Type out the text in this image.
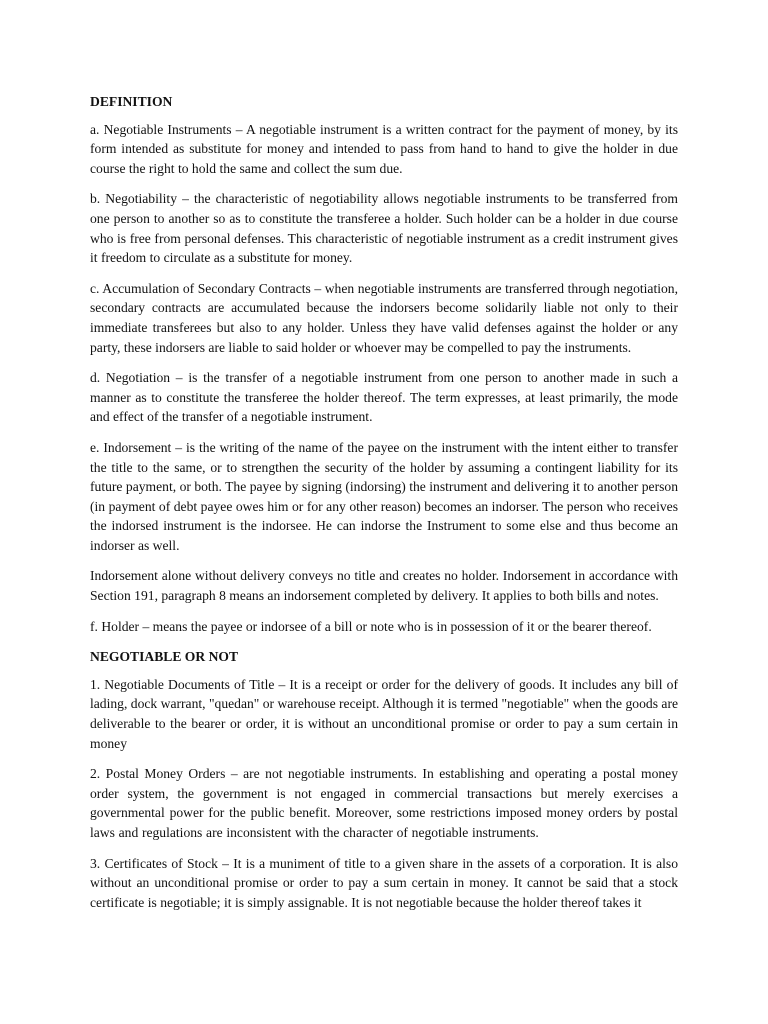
DEFINITION

a. Negotiable Instruments – A negotiable instrument is a written contract for the payment of money, by its form intended as substitute for money and intended to pass from hand to hand to give the holder in due course the right to hold the same and collect the sum due.

b. Negotiability – the characteristic of negotiability allows negotiable instruments to be transferred from one person to another so as to constitute the transferee a holder. Such holder can be a holder in due course who is free from personal defenses. This characteristic of negotiable instrument as a credit instrument gives it freedom to circulate as a substitute for money.

c. Accumulation of Secondary Contracts – when negotiable instruments are transferred through negotiation, secondary contracts are accumulated because the indorsers become solidarily liable not only to their immediate transferees but also to any holder. Unless they have valid defenses against the holder or any party, these indorsers are liable to said holder or whoever may be compelled to pay the instruments.

d. Negotiation – is the transfer of a negotiable instrument from one person to another made in such a manner as to constitute the transferee the holder thereof. The term expresses, at least primarily, the mode and effect of the transfer of a negotiable instrument.

e. Indorsement – is the writing of the name of the payee on the instrument with the intent either to transfer the title to the same, or to strengthen the security of the holder by assuming a contingent liability for its future payment, or both. The payee by signing (indorsing) the instrument and delivering it to another person (in payment of debt payee owes him or for any other reason) becomes an indorser. The person who receives the indorsed instrument is the indorsee. He can indorse the Instrument to some else and thus become an indorser as well.

Indorsement alone without delivery conveys no title and creates no holder. Indorsement in accordance with Section 191, paragraph 8 means an indorsement completed by delivery. It applies to both bills and notes.

f. Holder – means the payee or indorsee of a bill or note who is in possession of it or the bearer thereof.

NEGOTIABLE OR NOT

1. Negotiable Documents of Title – It is a receipt or order for the delivery of goods. It includes any bill of lading, dock warrant, "quedan" or warehouse receipt. Although it is termed "negotiable" when the goods are deliverable to the bearer or order, it is without an unconditional promise or order to pay a sum certain in money

2. Postal Money Orders – are not negotiable instruments. In establishing and operating a postal money order system, the government is not engaged in commercial transactions but merely exercises a governmental power for the public benefit. Moreover, some restrictions imposed money orders by postal laws and regulations are inconsistent with the character of negotiable instruments.

3. Certificates of Stock – It is a muniment of title to a given share in the assets of a corporation. It is also without an unconditional promise or order to pay a sum certain in money. It cannot be said that a stock certificate is negotiable; it is simply assignable. It is not negotiable because the holder thereof takes it
